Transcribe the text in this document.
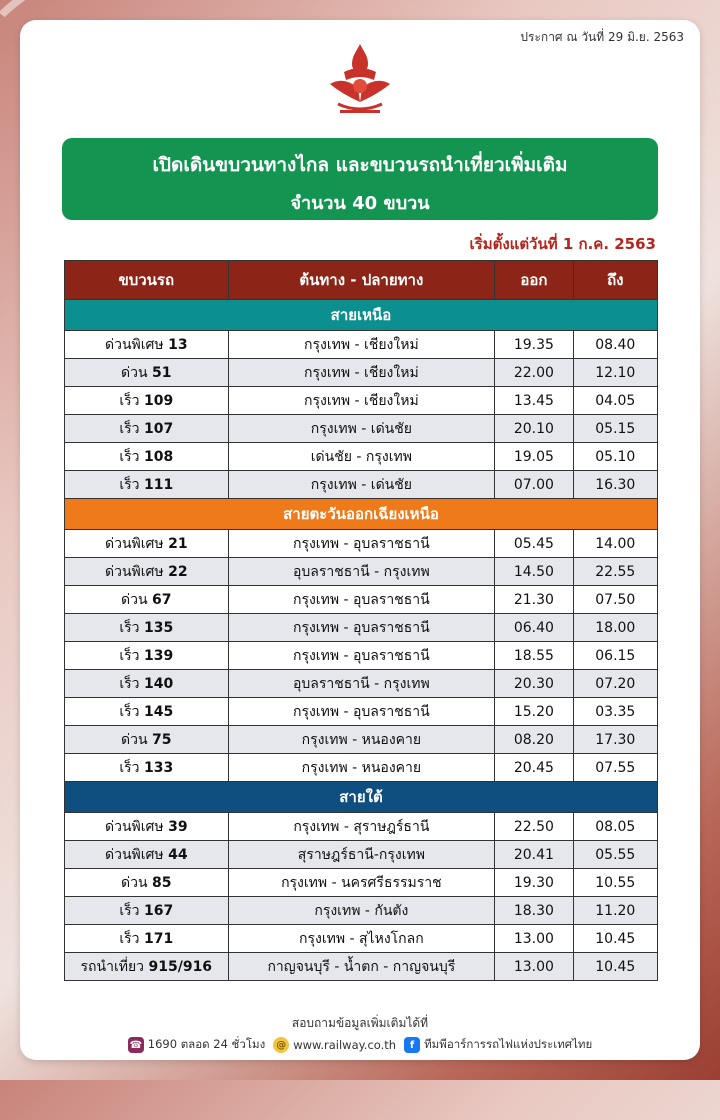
ประกาศ ณ วันที่ 29 มิ.ย. 2563
เปิดเดินขบวนทางไกล และขบวนรถนำเที่ยวเพิ่มเติม
จำนวน 40 ขบวน
เริ่มตั้งแต่วันที่ 1 ก.ค. 2563
ขบวนรถ	ต้นทาง - ปลายทาง	ออก	ถึง
สายเหนือ			
ด่วนพิเศษ 13	กรุงเทพ - เชียงใหม่	19.35	08.40
ด่วน 51	กรุงเทพ - เชียงใหม่	22.00	12.10
เร็ว 109	กรุงเทพ - เชียงใหม่	13.45	04.05
เร็ว 107	กรุงเทพ - เด่นชัย	20.10	05.15
เร็ว 108	เด่นชัย - กรุงเทพ	19.05	05.10
เร็ว 111	กรุงเทพ - เด่นชัย	07.00	16.30
สายตะวันออกเฉียงเหนือ			
ด่วนพิเศษ 21	กรุงเทพ - อุบลราชธานี	05.45	14.00
ด่วนพิเศษ 22	อุบลราชธานี - กรุงเทพ	14.50	22.55
ด่วน 67	กรุงเทพ - อุบลราชธานี	21.30	07.50
เร็ว 135	กรุงเทพ - อุบลราชธานี	06.40	18.00
เร็ว 139	กรุงเทพ - อุบลราชธานี	18.55	06.15
เร็ว 140	อุบลราชธานี - กรุงเทพ	20.30	07.20
เร็ว 145	กรุงเทพ - อุบลราชธานี	15.20	03.35
ด่วน 75	กรุงเทพ - หนองคาย	08.20	17.30
เร็ว 133	กรุงเทพ - หนองคาย	20.45	07.55
สายใต้			
ด่วนพิเศษ 39	กรุงเทพ - สุราษฎร์ธานี	22.50	08.05
ด่วนพิเศษ 44	สุราษฎร์ธานี-กรุงเทพ	20.41	05.55
ด่วน 85	กรุงเทพ - นครศรีธรรมราช	19.30	10.55
เร็ว 167	กรุงเทพ - กันตัง	18.30	11.20
เร็ว 171	กรุงเทพ - สุไหงโกลก	13.00	10.45
รถนำเที่ยว 915/916	กาญจนบุรี - น้ำตก - กาญจนบุรี	13.00	10.45
สอบถามข้อมูลเพิ่มเติมได้ที่
☎ 1690 ตลอด 24 ชั่วโมง	@ www.railway.co.th	f ทีมพีอาร์การรถไฟแห่งประเทศไทย
